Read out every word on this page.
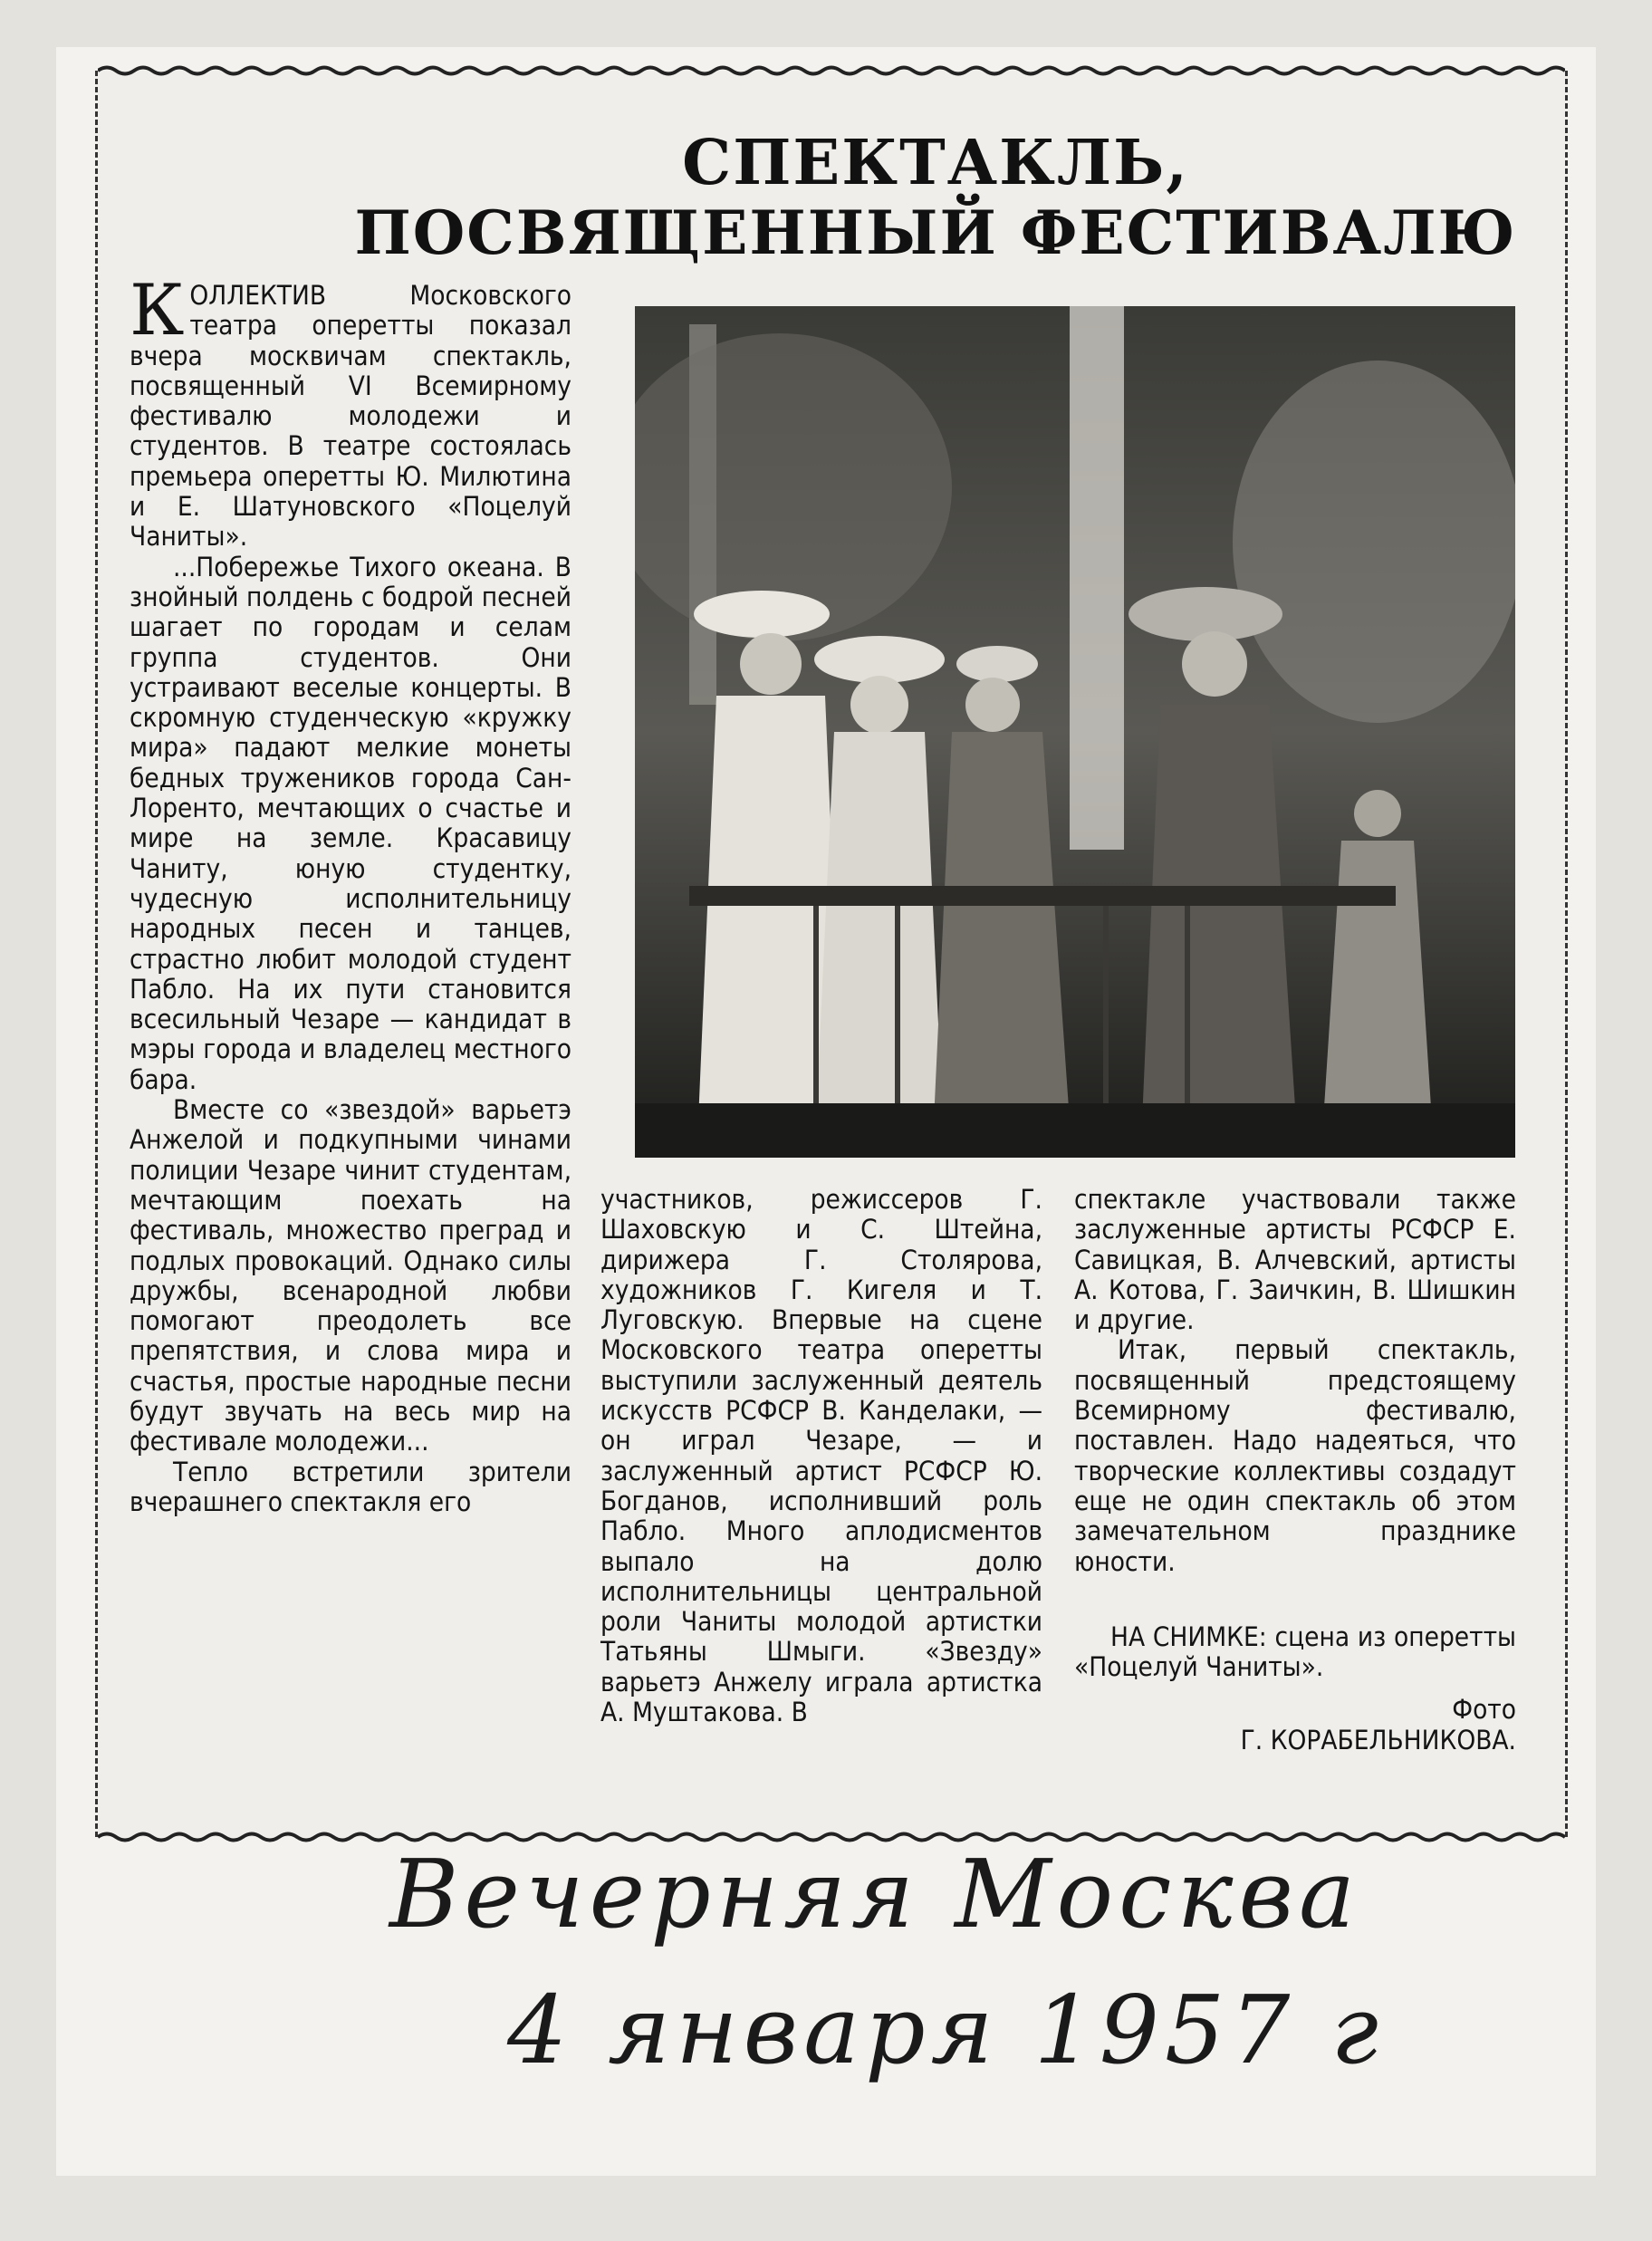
СПЕКТАКЛЬ,
ПОСВЯЩЕННЫЙ ФЕСТИВАЛЮ

КОЛЛЕКТИВ Московского театра оперетты показал вчера москвичам спектакль, посвященный VI Всемирному фестивалю молодежи и студентов. В театре состоялась премьера оперетты Ю. Милютина и Е. Шатуновского «Поцелуй Чаниты».

...Побережье Тихого океана. В знойный полдень с бодрой песней шагает по городам и селам группа студентов. Они устраивают веселые концерты. В скромную студенческую «кружку мира» падают мелкие монеты бедных тружеников города Сан-Лоренто, мечтающих о счастье и мире на земле. Красавицу Чаниту, юную студентку, чудесную исполнительницу народных песен и танцев, страстно любит молодой студент Пабло. На их пути становится всесильный Чезаре — кандидат в мэры города и владелец местного бара.

Вместе со «звездой» варьетэ Анжелой и подкупными чинами полиции Чезаре чинит студентам, мечтающим поехать на фестиваль, множество преград и подлых провокаций. Однако силы дружбы, всенародной любви помогают преодолеть все препятствия, и слова мира и счастья, простые народные песни будут звучать на весь мир на фестивале молодежи...

Тепло встретили зрители вчерашнего спектакля его

участников, режиссеров Г. Шаховскую и С. Штейна, дирижера Г. Столярова, художников Г. Кигеля и Т. Луговскую. Впервые на сцене Московского театра оперетты выступили заслуженный деятель искусств РСФСР В. Канделаки, — он играл Чезаре, — и заслуженный артист РСФСР Ю. Богданов, исполнивший роль Пабло. Много аплодисментов выпало на долю исполнительницы центральной роли Чаниты молодой артистки Татьяны Шмыги. «Звезду» варьетэ Анжелу играла артистка А. Муштакова. В

спектакле участвовали также заслуженные артисты РСФСР Е. Савицкая, В. Алчевский, артисты А. Котова, Г. Заичкин, В. Шишкин и другие.

Итак, первый спектакль, посвященный предстоящему Всемирному фестивалю, поставлен. Надо надеяться, что творческие коллективы создадут еще не один спектакль об этом замечательном празднике юности.

НА СНИМКЕ: сцена из оперетты «Поцелуй Чаниты».

Фото
Г. КОРАБЕЛЬНИКОВА.
Вечерняя Москва
4 января 1957 г
